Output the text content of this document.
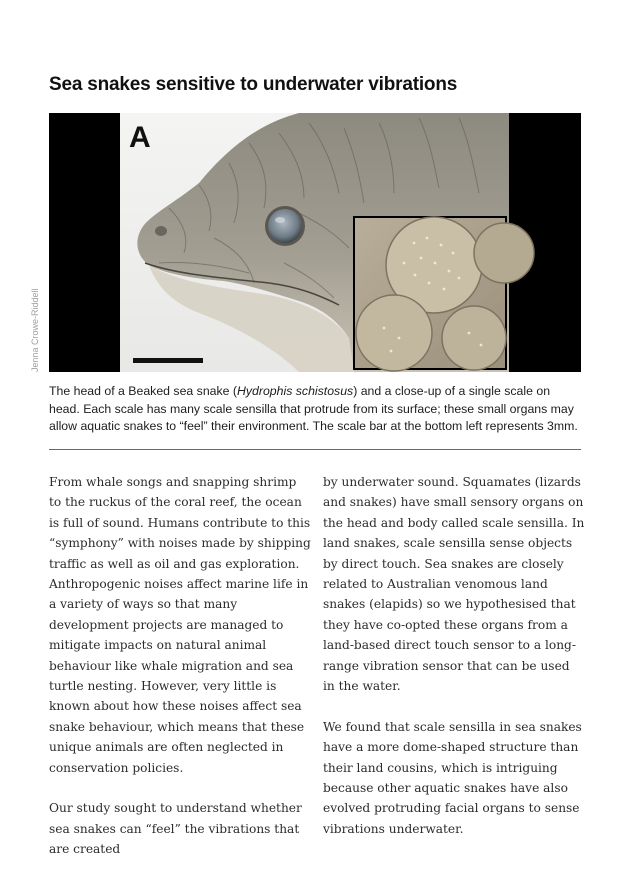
Sea snakes sensitive to underwater vibrations
A
Jenna Crowe-Riddell

The head of a Beaked sea snake (Hydrophis schistosus) and a close-up of a single scale on head. Each scale has many scale sensilla that protrude from its surface; these small organs may allow aquatic snakes to “feel” their environment. The scale bar at the bottom left represents 3mm.

From whale songs and snapping shrimp to the ruckus of the coral reef, the ocean is full of sound. Humans contribute to this “symphony” with noises made by shipping traffic as well as oil and gas exploration. Anthropogenic noises affect marine life in a variety of ways so that many development projects are managed to mitigate impacts on natural animal behaviour like whale migration and sea turtle nesting. However, very little is known about how these noises affect sea snake behaviour, which means that these unique animals are often neglected in conservation policies.

Our study sought to understand whether sea snakes can “feel” the vibrations that are created

by underwater sound. Squamates (lizards and snakes) have small sensory organs on the head and body called scale sensilla. In land snakes, scale sensilla sense objects by direct touch. Sea snakes are closely related to Australian venomous land snakes (elapids) so we hypothesised that they have co-opted these organs from a land-based direct touch sensor to a long-range vibration sensor that can be used in the water.

We found that scale sensilla in sea snakes have a more dome-shaped structure than their land cousins, which is intriguing because other aquatic snakes have also evolved protruding facial organs to sense vibrations underwater.
